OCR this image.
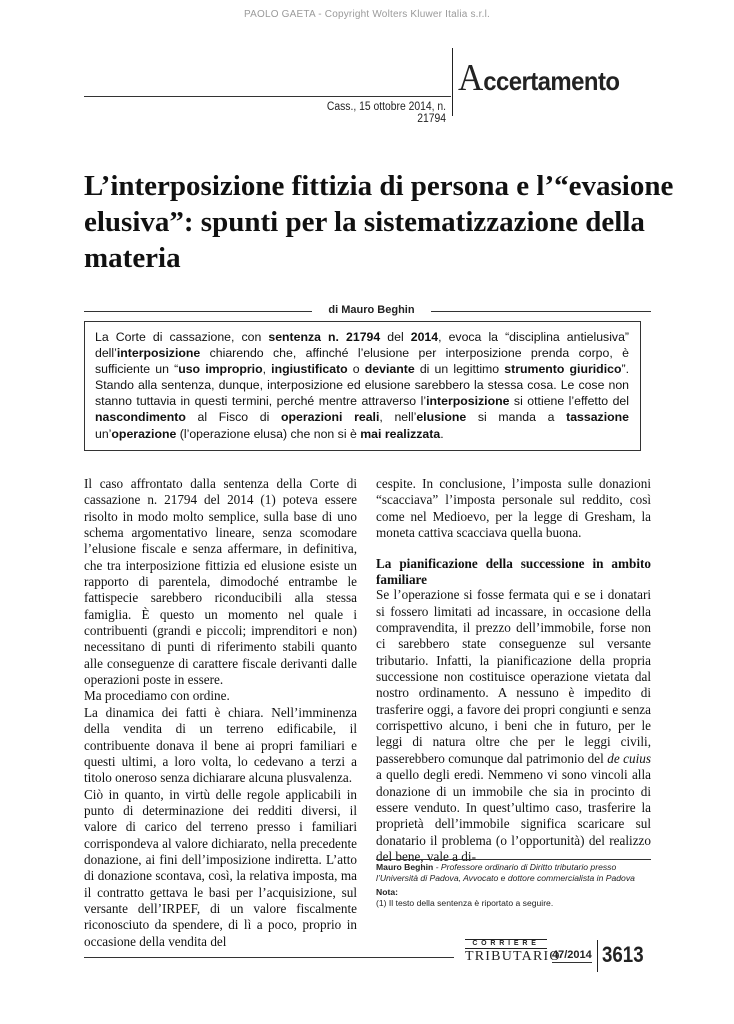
PAOLO GAETA - Copyright Wolters Kluwer Italia s.r.l.
Accertamento
Cass., 15 ottobre 2014, n. 21794
L’interposizione fittizia di persona e l’“evasione elusiva”: spunti per la sistematizzazione della materia
di Mauro Beghin
La Corte di cassazione, con sentenza n. 21794 del 2014, evoca la “disciplina antielusiva” dell’interposizione chiarendo che, affinché l’elusione per interposizione prenda corpo, è sufficiente un “uso improprio, ingiustificato o deviante di un legittimo strumento giuridico”. Stando alla sentenza, dunque, interposizione ed elusione sarebbero la stessa cosa. Le cose non stanno tuttavia in questi termini, perché mentre attraverso l’interposizione si ottiene l’effetto del nascondimento al Fisco di operazioni reali, nell’elusione si manda a tassazione un’operazione (l’operazione elusa) che non si è mai realizzata.

Il caso affrontato dalla sentenza della Corte di cassazione n. 21794 del 2014 (1) poteva essere risolto in modo molto semplice, sulla base di uno schema argomentativo lineare, senza scomodare l’elusione fiscale e senza affermare, in definitiva, che tra interposizione fittizia ed elusione esiste un rapporto di parentela, dimodoché entrambe le fattispecie sarebbero riconducibili alla stessa famiglia. È questo un momento nel quale i contribuenti (grandi e piccoli; imprenditori e non) necessitano di punti di riferimento stabili quanto alle conseguenze di carattere fiscale derivanti dalle operazioni poste in essere.

Ma procediamo con ordine.

La dinamica dei fatti è chiara. Nell’imminenza della vendita di un terreno edificabile, il contribuente donava il bene ai propri familiari e questi ultimi, a loro volta, lo cedevano a terzi a titolo oneroso senza dichiarare alcuna plusvalenza.

Ciò in quanto, in virtù delle regole applicabili in punto di determinazione dei redditi diversi, il valore di carico del terreno presso i familiari corrispondeva al valore dichiarato, nella precedente donazione, ai fini dell’imposizione indiretta. L’atto di donazione scontava, così, la relativa imposta, ma il contratto gettava le basi per l’acquisizione, sul versante dell’IRPEF, di un valore fiscalmente riconosciuto da spendere, di lì a poco, proprio in occasione della vendita del

cespite. In conclusione, l’imposta sulle donazioni “scacciava” l’imposta personale sul reddito, così come nel Medioevo, per la legge di Gresham, la moneta cattiva scacciava quella buona.

La pianificazione della successione in ambito familiare

Se l’operazione si fosse fermata qui e se i donatari si fossero limitati ad incassare, in occasione della compravendita, il prezzo dell’immobile, forse non ci sarebbero state conseguenze sul versante tributario. Infatti, la pianificazione della propria successione non costituisce operazione vietata dal nostro ordinamento. A nessuno è impedito di trasferire oggi, a favore dei propri congiunti e senza corrispettivo alcuno, i beni che in futuro, per le leggi di natura oltre che per le leggi civili, passerebbero comunque dal patrimonio del de cuius a quello degli eredi. Nemmeno vi sono vincoli alla donazione di un immobile che sia in procinto di essere venduto. In quest’ultimo caso, trasferire la proprietà dell’immobile significa scaricare sul donatario il problema (o l’opportunità) del realizzo del bene, vale a di-

Mauro Beghin - Professore ordinario di Diritto tributario presso l’Università di Padova, Avvocato e dottore commercialista in Padova

Nota:

(1) Il testo della sentenza è riportato a seguire.

CORRIERE
TRIBUTARIO
47/2014 3613
